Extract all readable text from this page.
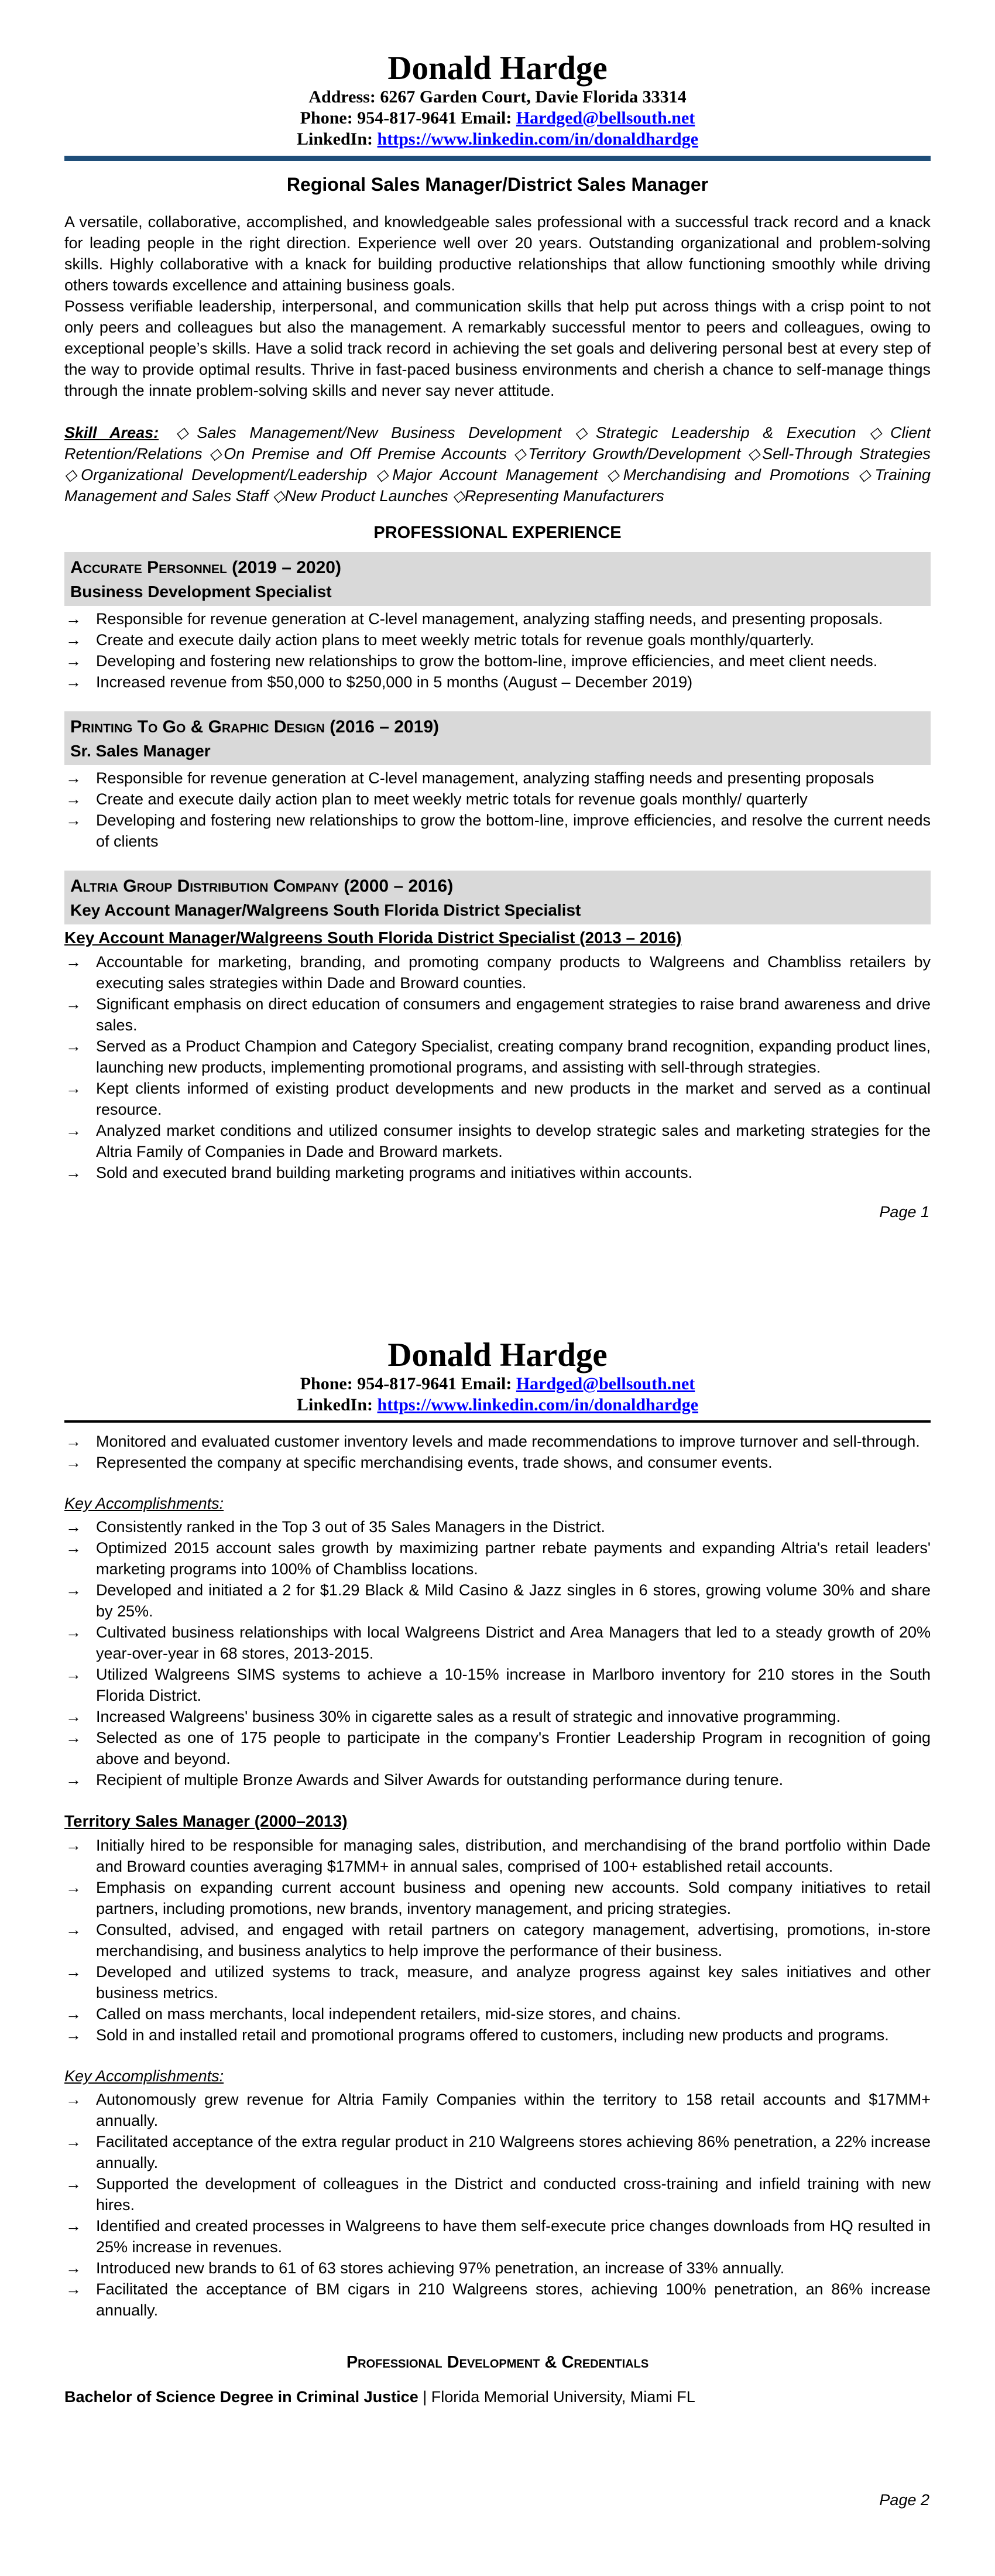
Donald Hardge
Address: 6267 Garden Court, Davie Florida 33314
Phone: 954-817-9641 Email: Hardged@bellsouth.net
LinkedIn: https://www.linkedin.com/in/donaldhardge
Regional Sales Manager/District Sales Manager

A versatile, collaborative, accomplished, and knowledgeable sales professional with a successful track record and a knack for leading people in the right direction. Experience well over 20 years. Outstanding organizational and problem-solving skills. Highly collaborative with a knack for building productive relationships that allow functioning smoothly while driving others towards excellence and attaining business goals.

Possess verifiable leadership, interpersonal, and communication skills that help put across things with a crisp point to not only peers and colleagues but also the management. A remarkably successful mentor to peers and colleagues, owing to exceptional people’s skills. Have a solid track record in achieving the set goals and delivering personal best at every step of the way to provide optimal results. Thrive in fast-paced business environments and cherish a chance to self-manage things through the innate problem-solving skills and never say never attitude.

Skill Areas: ◇Sales Management/New Business Development ◇Strategic Leadership & Execution ◇Client Retention/Relations ◇On Premise and Off Premise Accounts ◇Territory Growth/Development ◇Sell-Through Strategies ◇Organizational Development/Leadership ◇Major Account Management ◇Merchandising and Promotions ◇Training Management and Sales Staff ◇New Product Launches ◇Representing Manufacturers

PROFESSIONAL EXPERIENCE
Accurate Personnel (2019 – 2020)
Business Development Specialist
→ Responsible for revenue generation at C-level management, analyzing staffing needs, and presenting proposals.
→ Create and execute daily action plans to meet weekly metric totals for revenue goals monthly/quarterly.
→ Developing and fostering new relationships to grow the bottom-line, improve efficiencies, and meet client needs.
→ Increased revenue from $50,000 to $250,000 in 5 months (August – December 2019)
Printing To Go & Graphic Design (2016 – 2019)
Sr. Sales Manager
→ Responsible for revenue generation at C-level management, analyzing staffing needs and presenting proposals
→ Create and execute daily action plan to meet weekly metric totals for revenue goals monthly/ quarterly
→ Developing and fostering new relationships to grow the bottom-line, improve efficiencies, and resolve the current needs of clients
Altria Group Distribution Company (2000 – 2016)
Key Account Manager/Walgreens South Florida District Specialist
Key Account Manager/Walgreens South Florida District Specialist (2013 – 2016)
→ Accountable for marketing, branding, and promoting company products to Walgreens and Chambliss retailers by executing sales strategies within Dade and Broward counties.
→ Significant emphasis on direct education of consumers and engagement strategies to raise brand awareness and drive sales.
→ Served as a Product Champion and Category Specialist, creating company brand recognition, expanding product lines, launching new products, implementing promotional programs, and assisting with sell-through strategies.
→ Kept clients informed of existing product developments and new products in the market and served as a continual resource.
→ Analyzed market conditions and utilized consumer insights to develop strategic sales and marketing strategies for the Altria Family of Companies in Dade and Broward markets.
→ Sold and executed brand building marketing programs and initiatives within accounts.
Page 1
Donald Hardge
Phone: 954-817-9641 Email: Hardged@bellsouth.net
LinkedIn: https://www.linkedin.com/in/donaldhardge
→ Monitored and evaluated customer inventory levels and made recommendations to improve turnover and sell-through.
→ Represented the company at specific merchandising events, trade shows, and consumer events.
Key Accomplishments:
→ Consistently ranked in the Top 3 out of 35 Sales Managers in the District.
→ Optimized 2015 account sales growth by maximizing partner rebate payments and expanding Altria's retail leaders' marketing programs into 100% of Chambliss locations.
→ Developed and initiated a 2 for $1.29 Black & Mild Casino & Jazz singles in 6 stores, growing volume 30% and share by 25%.
→ Cultivated business relationships with local Walgreens District and Area Managers that led to a steady growth of 20% year-over-year in 68 stores, 2013-2015.
→ Utilized Walgreens SIMS systems to achieve a 10-15% increase in Marlboro inventory for 210 stores in the South Florida District.
→ Increased Walgreens' business 30% in cigarette sales as a result of strategic and innovative programming.
→ Selected as one of 175 people to participate in the company's Frontier Leadership Program in recognition of going above and beyond.
→ Recipient of multiple Bronze Awards and Silver Awards for outstanding performance during tenure.
Territory Sales Manager (2000–2013)
→ Initially hired to be responsible for managing sales, distribution, and merchandising of the brand portfolio within Dade and Broward counties averaging $17MM+ in annual sales, comprised of 100+ established retail accounts.
→ Emphasis on expanding current account business and opening new accounts. Sold company initiatives to retail partners, including promotions, new brands, inventory management, and pricing strategies.
→ Consulted, advised, and engaged with retail partners on category management, advertising, promotions, in-store merchandising, and business analytics to help improve the performance of their business.
→ Developed and utilized systems to track, measure, and analyze progress against key sales initiatives and other business metrics.
→ Called on mass merchants, local independent retailers, mid-size stores, and chains.
→ Sold in and installed retail and promotional programs offered to customers, including new products and programs.
Key Accomplishments:
→ Autonomously grew revenue for Altria Family Companies within the territory to 158 retail accounts and $17MM+ annually.
→ Facilitated acceptance of the extra regular product in 210 Walgreens stores achieving 86% penetration, a 22% increase annually.
→ Supported the development of colleagues in the District and conducted cross-training and infield training with new hires.
→ Identified and created processes in Walgreens to have them self-execute price changes downloads from HQ resulted in 25% increase in revenues.
→ Introduced new brands to 61 of 63 stores achieving 97% penetration, an increase of 33% annually.
→ Facilitated the acceptance of BM cigars in 210 Walgreens stores, achieving 100% penetration, an 86% increase annually.
Professional Development & Credentials
Bachelor of Science Degree in Criminal Justice | Florida Memorial University, Miami FL
Page 2
